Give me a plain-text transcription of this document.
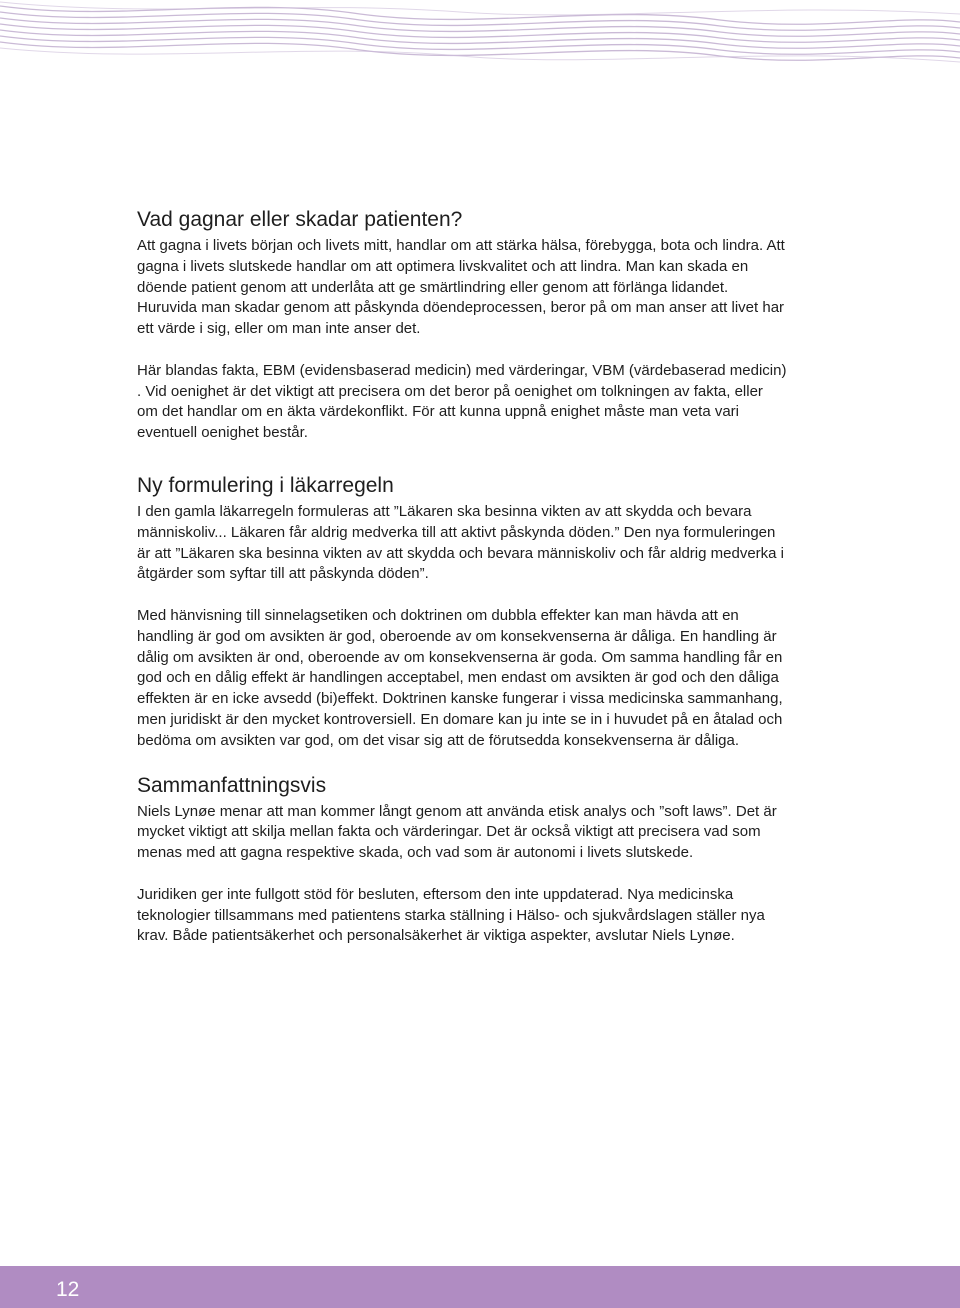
Vad gagnar eller skadar patienten?

Att gagna i livets början och livets mitt, handlar om att stärka hälsa, förebygga, bota och lindra. Att gagna i livets slutskede handlar om att optimera livskvalitet och att lindra. Man kan skada en döende patient genom att underlåta att ge smärtlindring eller genom att förlänga lidandet. Huruvida man skadar genom att påskynda döendeprocessen, beror på om man anser att livet har ett värde i sig, eller om man inte anser det.

Här blandas fakta, EBM (evidensbaserad medicin) med värderingar, VBM (värdebaserad medicin) . Vid oenighet är det viktigt att precisera om det beror på oenighet om tolkningen av fakta, eller om det handlar om en äkta värdekonflikt. För att kunna uppnå enighet måste man veta vari eventuell oenighet består.

Ny formulering i läkarregeln

I den gamla läkarregeln formuleras att ”Läkaren ska besinna vikten av att skydda och bevara människoliv... Läkaren får aldrig medverka till att aktivt påskynda döden.” Den nya formuleringen är att ”Läkaren ska besinna vikten av att skydda och bevara människoliv och får aldrig medverka i åtgärder som syftar till att påskynda döden”.

Med hänvisning till sinnelagsetiken och doktrinen om dubbla effekter kan man hävda att en handling är god om avsikten är god, oberoende av om konsekvenserna är dåliga. En handling är dålig om avsikten är ond, oberoende av om konsekvenserna är goda. Om samma handling får en god och en dålig effekt är handlingen acceptabel, men endast om avsikten är god och den dåliga effekten är en icke avsedd (bi)effekt. Doktrinen kanske fungerar i vissa medicinska sammanhang, men juridiskt är den mycket kontroversiell. En domare kan ju inte se in i huvudet på en åtalad och bedöma om avsikten var god, om det visar sig att de förutsedda konsekvenserna är dåliga.

Sammanfattningsvis

Niels Lynøe menar att man kommer långt genom att använda etisk analys och ”soft laws”. Det är mycket viktigt att skilja mellan fakta och värderingar. Det är också viktigt att precisera vad som menas med att gagna respektive skada, och vad som är autonomi i livets slutskede.

Juridiken ger inte fullgott stöd för besluten, eftersom den inte uppdaterad. Nya medicinska teknologier tillsammans med patientens starka ställning i Hälso- och sjukvårdslagen ställer nya krav. Både patientsäkerhet och personalsäkerhet är viktiga aspekter, avslutar Niels Lynøe.

12
